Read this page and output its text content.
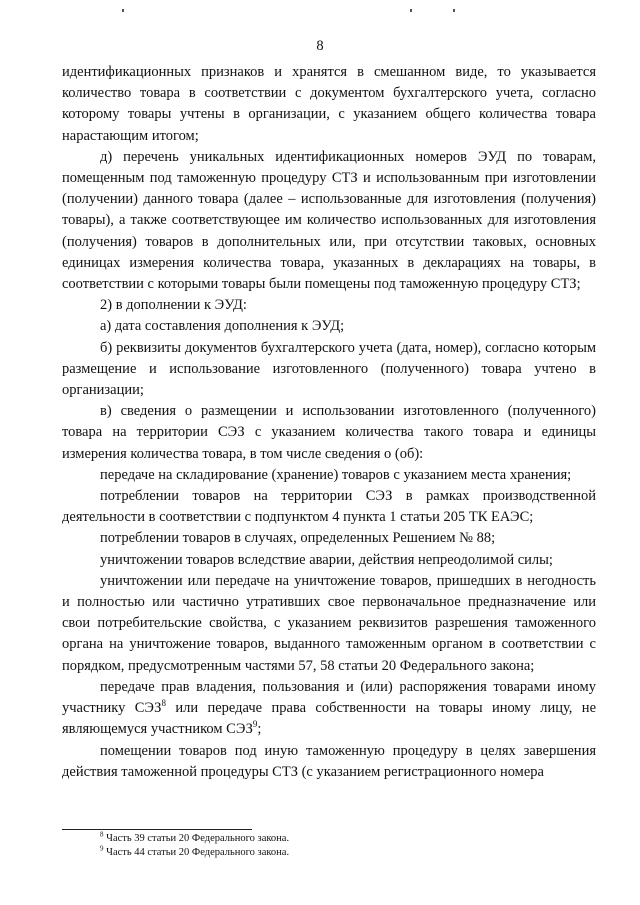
8

идентификационных признаков и хранятся в смешанном виде, то указывается количество товара в соответствии с документом бухгалтерского учета, согласно которому товары учтены в организации, с указанием общего количества товара нарастающим итогом;

д) перечень уникальных идентификационных номеров ЭУД по товарам, помещенным под таможенную процедуру СТЗ и использованным при изготовлении (получении) данного товара (далее – использованные для изготовления (получения) товары), а также соответствующее им количество использованных для изготовления (получения) товаров в дополнительных или, при отсутствии таковых, основных единицах измерения количества товара, указанных в декларациях на товары, в соответствии с которыми товары были помещены под таможенную процедуру СТЗ;

2) в дополнении к ЭУД:

а) дата составления дополнения к ЭУД;

б) реквизиты документов бухгалтерского учета (дата, номер), согласно которым размещение и использование изготовленного (полученного) товара учтено в организации;

в) сведения о размещении и использовании изготовленного (полученного) товара на территории СЭЗ с указанием количества такого товара и единицы измерения количества товара, в том числе сведения о (об):

передаче на складирование (хранение) товаров с указанием места хранения;

потреблении товаров на территории СЭЗ в рамках производственной деятельности в соответствии с подпунктом 4 пункта 1 статьи 205 ТК ЕАЭС;

потреблении товаров в случаях, определенных Решением № 88;

уничтожении товаров вследствие аварии, действия непреодолимой силы;

уничтожении или передаче на уничтожение товаров, пришедших в негодность и полностью или частично утративших свое первоначальное предназначение или свои потребительские свойства, с указанием реквизитов разрешения таможенного органа на уничтожение товаров, выданного таможенным органом в соответствии с порядком, предусмотренным частями 57, 58 статьи 20 Федерального закона;

передаче прав владения, пользования и (или) распоряжения товарами иному участнику СЭЗ$^8$ или передаче права собственности на товары иному лицу, не являющемуся участником СЭЗ$^9$;

помещении товаров под иную таможенную процедуру в целях завершения действия таможенной процедуры СТЗ (с указанием регистрационного номера

$^8$ Часть 39 статьи 20 Федерального закона.
$^9$ Часть 44 статьи 20 Федерального закона.
